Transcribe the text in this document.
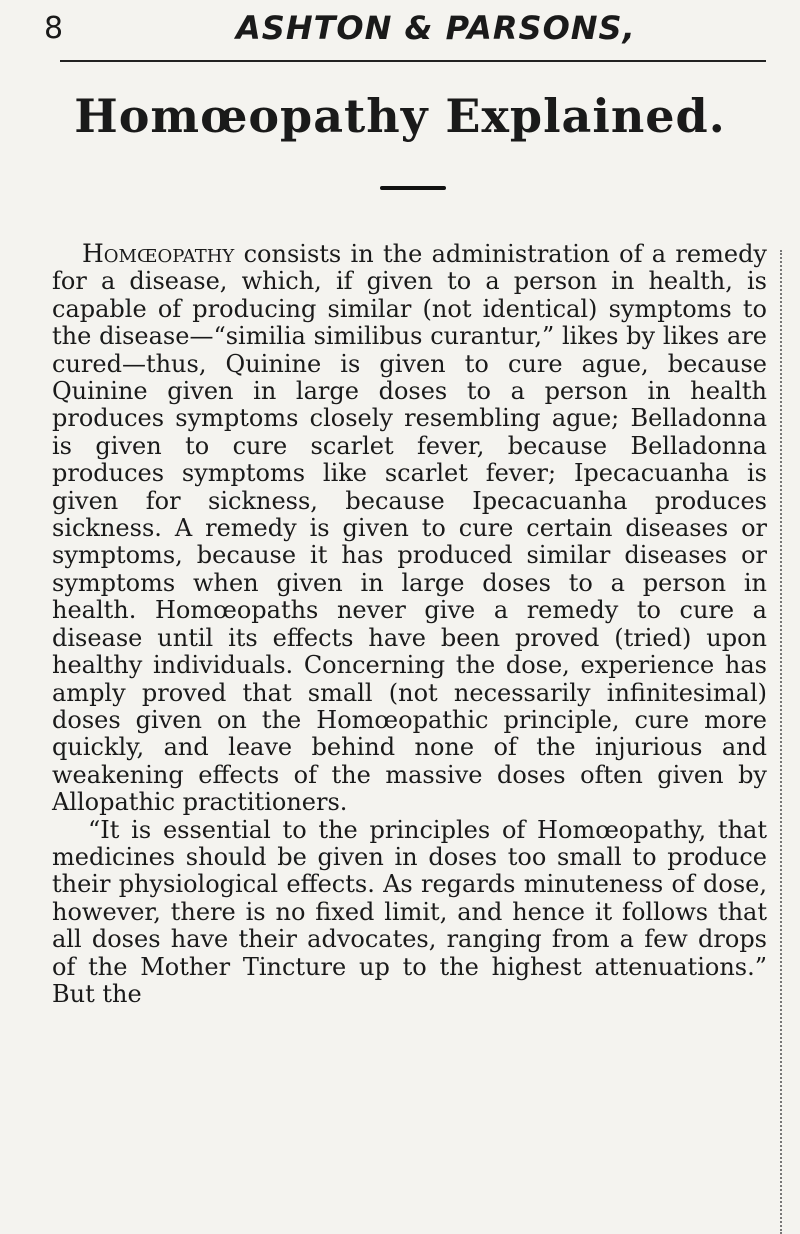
8	ASHTON & PARSONS,
Homœopathy Explained.

Homœopathy consists in the administration of a remedy for a disease, which, if given to a person in health, is capable of producing similar (not identical) symptoms to the disease—“similia similibus curantur,” likes by likes are cured—thus, Quinine is given to cure ague, because Quinine given in large doses to a person in health produces symptoms closely resembling ague; Belladonna is given to cure scarlet fever, because Belladonna produces symptoms like scarlet fever; Ipecacuanha is given for sickness, because Ipecacuanha produces sickness. A remedy is given to cure certain diseases or symptoms, because it has produced similar diseases or symptoms when given in large doses to a person in health. Homœopaths never give a remedy to cure a disease until its effects have been proved (tried) upon healthy individuals. Concerning the dose, experience has amply proved that small (not necessarily infinitesimal) doses given on the Homœopathic principle, cure more quickly, and leave behind none of the injurious and weakening effects of the massive doses often given by Allopathic practitioners.

“It is essential to the principles of Homœopathy, that medicines should be given in doses too small to produce their physiological effects. As regards minuteness of dose, however, there is no fixed limit, and hence it follows that all doses have their advocates, ranging from a few drops of the Mother Tincture up to the highest attenuations.” But the
